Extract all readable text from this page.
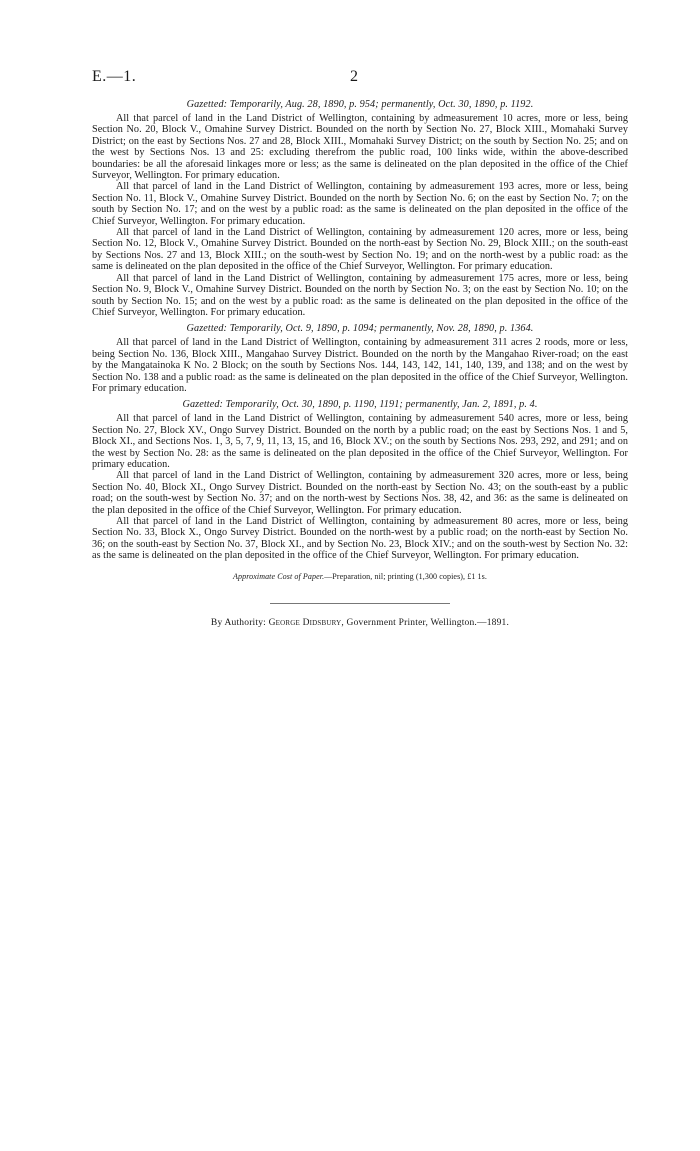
E.—1.	2
Gazetted: Temporarily, Aug. 28, 1890, p. 954; permanently, Oct. 30, 1890, p. 1192.

All that parcel of land in the Land District of Wellington, containing by admeasurement 10 acres, more or less, being Section No. 20, Block V., Omahine Survey District. Bounded on the north by Section No. 27, Block XIII., Momahaki Survey District; on the east by Sections Nos. 27 and 28, Block XIII., Momahaki Survey District; on the south by Section No. 25; and on the west by Sections Nos. 13 and 25: excluding therefrom the public road, 100 links wide, within the above-described boundaries: be all the aforesaid linkages more or less; as the same is delineated on the plan deposited in the office of the Chief Surveyor, Wellington. For primary education.

All that parcel of land in the Land District of Wellington, containing by admeasurement 193 acres, more or less, being Section No. 11, Block V., Omahine Survey District. Bounded on the north by Section No. 6; on the east by Section No. 7; on the south by Section No. 17; and on the west by a public road: as the same is delineated on the plan deposited in the office of the Chief Surveyor, Wellington. For primary education.

All that parcel of land in the Land District of Wellington, containing by admeasurement 120 acres, more or less, being Section No. 12, Block V., Omahine Survey District. Bounded on the north-east by Section No. 29, Block XIII.; on the south-east by Sections Nos. 27 and 13, Block XIII.; on the south-west by Section No. 19; and on the north-west by a public road: as the same is delineated on the plan deposited in the office of the Chief Surveyor, Wellington. For primary education.

All that parcel of land in the Land District of Wellington, containing by admeasurement 175 acres, more or less, being Section No. 9, Block V., Omahine Survey District. Bounded on the north by Section No. 3; on the east by Section No. 10; on the south by Section No. 15; and on the west by a public road: as the same is delineated on the plan deposited in the office of the Chief Surveyor, Wellington. For primary education.

Gazetted: Temporarily, Oct. 9, 1890, p. 1094; permanently, Nov. 28, 1890, p. 1364.

All that parcel of land in the Land District of Wellington, containing by admeasurement 311 acres 2 roods, more or less, being Section No. 136, Block XIII., Mangahao Survey District. Bounded on the north by the Mangahao River-road; on the east by the Mangatainoka K No. 2 Block; on the south by Sections Nos. 144, 143, 142, 141, 140, 139, and 138; and on the west by Section No. 138 and a public road: as the same is delineated on the plan deposited in the office of the Chief Surveyor, Wellington. For primary education.

Gazetted: Temporarily, Oct. 30, 1890, p. 1190, 1191; permanently, Jan. 2, 1891, p. 4.

All that parcel of land in the Land District of Wellington, containing by admeasurement 540 acres, more or less, being Section No. 27, Block XV., Ongo Survey District. Bounded on the north by a public road; on the east by Sections Nos. 1 and 5, Block XI., and Sections Nos. 1, 3, 5, 7, 9, 11, 13, 15, and 16, Block XV.; on the south by Sections Nos. 293, 292, and 291; and on the west by Section No. 28: as the same is delineated on the plan deposited in the office of the Chief Surveyor, Wellington. For primary education.

All that parcel of land in the Land District of Wellington, containing by admeasurement 320 acres, more or less, being Section No. 40, Block XI., Ongo Survey District. Bounded on the north-east by Section No. 43; on the south-east by a public road; on the south-west by Section No. 37; and on the north-west by Sections Nos. 38, 42, and 36: as the same is delineated on the plan deposited in the office of the Chief Surveyor, Wellington. For primary education.

All that parcel of land in the Land District of Wellington, containing by admeasurement 80 acres, more or less, being Section No. 33, Block X., Ongo Survey District. Bounded on the north-west by a public road; on the north-east by Section No. 36; on the south-east by Section No. 37, Block XI., and by Section No. 23, Block XIV.; and on the south-west by Section No. 32: as the same is delineated on the plan deposited in the office of the Chief Surveyor, Wellington. For primary education.

Approximate Cost of Paper.—Preparation, nil; printing (1,300 copies), £1 1s.
By Authority: George Didsbury, Government Printer, Wellington.—1891.
